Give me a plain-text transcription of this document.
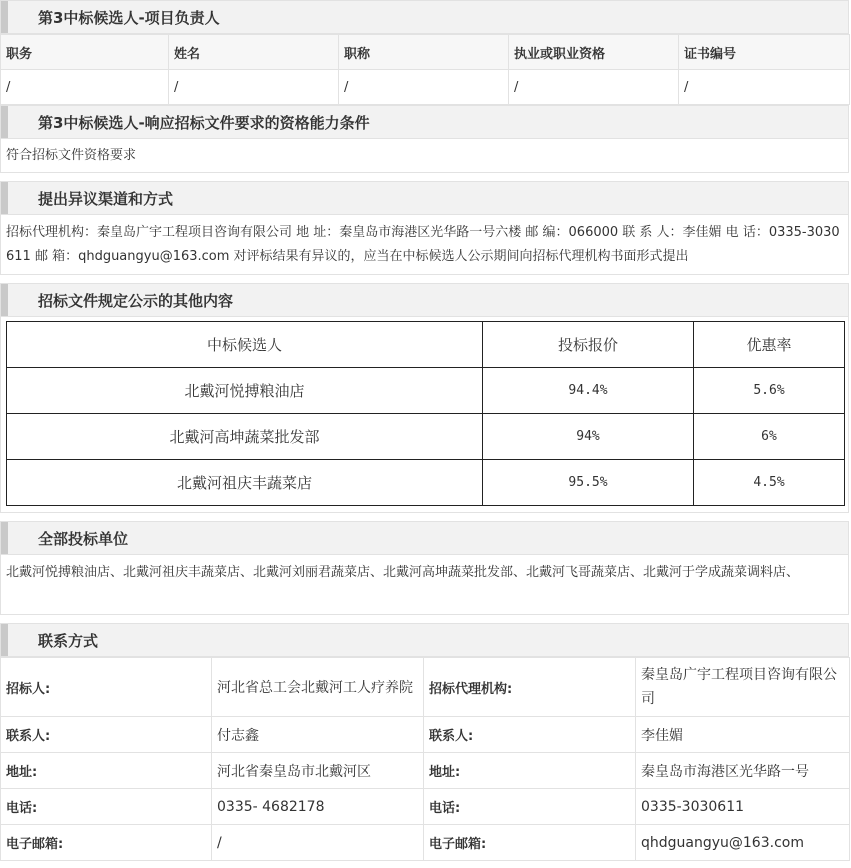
第3中标候选人-项目负责人
职务	姓名	职称	执业或职业资格	证书编号
/	/	/	/	/
第3中标候选人-响应招标文件要求的资格能力条件
符合招标文件资格要求
提出异议渠道和方式
招标代理机构：秦皇岛广宇工程项目咨询有限公司 地 址：秦皇岛市海港区光华路一号六楼 邮 编：066000 联 系 人：李佳媚 电 话：0335-3030611 邮 箱：qhdguangyu@163.com 对评标结果有异议的，应当在中标候选人公示期间向招标代理机构书面形式提出
招标文件规定公示的其他内容
中标候选人	投标报价	优惠率
北戴河悦搏粮油店	94.4%	5.6%
北戴河高坤蔬菜批发部	94%	6%
北戴河祖庆丰蔬菜店	95.5%	4.5%
全部投标单位
北戴河悦搏粮油店、北戴河祖庆丰蔬菜店、北戴河刘丽君蔬菜店、北戴河高坤蔬菜批发部、北戴河飞哥蔬菜店、北戴河于学成蔬菜调料店、
联系方式
招标人:	河北省总工会北戴河工人疗养院	招标代理机构:	秦皇岛广宇工程项目咨询有限公司
联系人:	付志鑫	联系人:	李佳媚
地址:	河北省秦皇岛市北戴河区	地址:	秦皇岛市海港区光华路一号
电话:	0335- 4682178	电话:	0335-3030611
电子邮箱:	/	电子邮箱:	qhdguangyu@163.com
